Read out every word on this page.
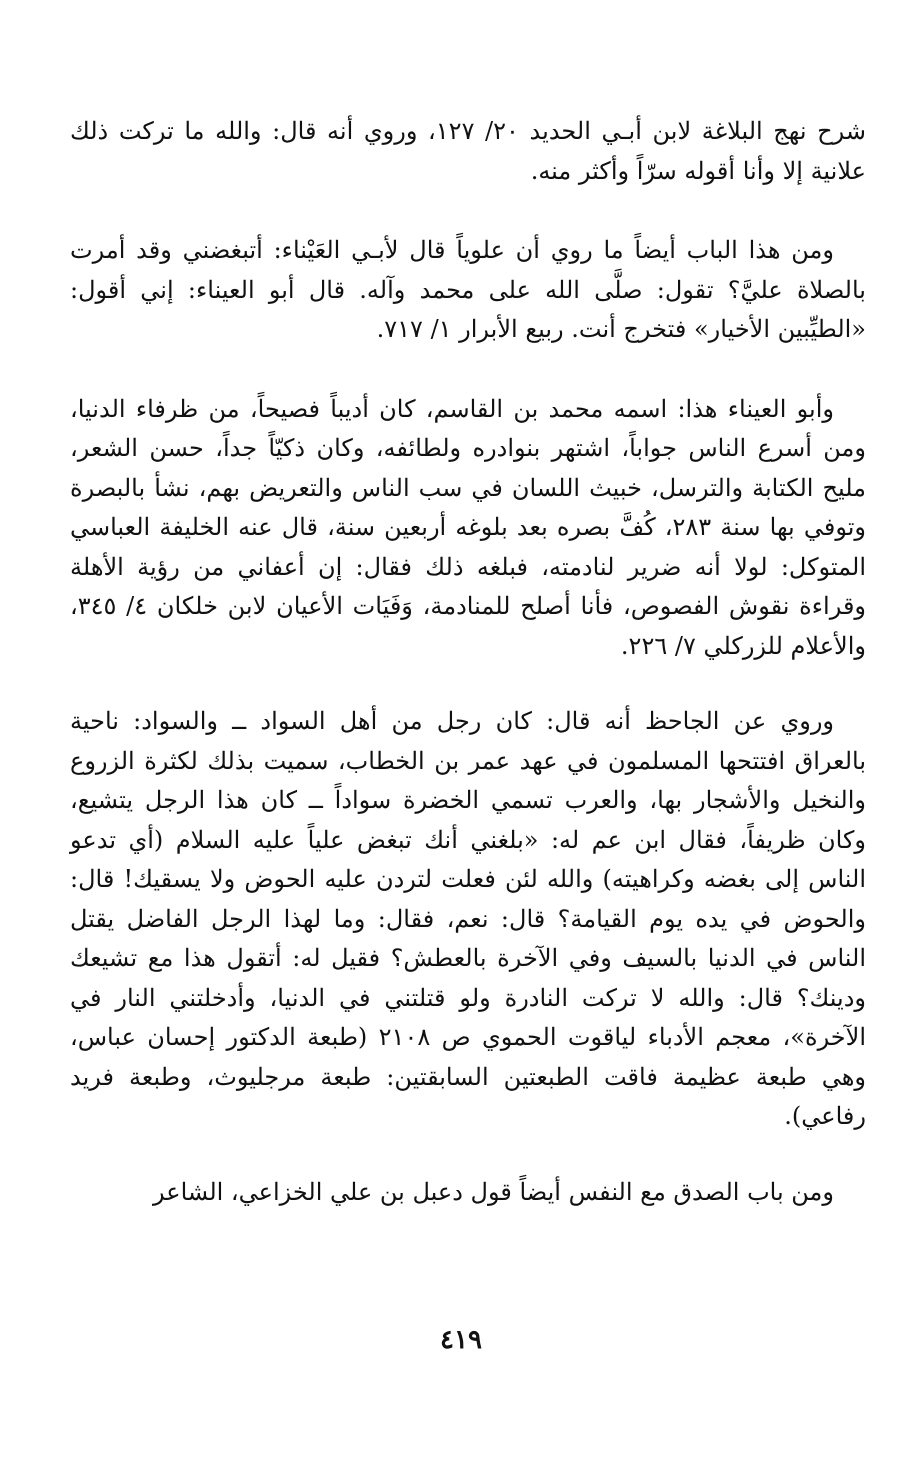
شرح نهج البلاغة لابن أبـي الحديد ٢٠/ ١٢٧، وروي أنه قال: والله ما تركت ذلك علانية إلا وأنا أقوله سرّاً وأكثر منه.

ومن هذا الباب أيضاً ما روي أن علوياً قال لأبـي العَيْناء: أتبغضني وقد أمرت بالصلاة عليَّ؟ تقول: صلَّى الله على محمد وآله. قال أبو العيناء: إني أقول: «الطيِّبين الأخيار» فتخرج أنت. ربيع الأبرار ١/ ٧١٧.

وأبو العيناء هذا: اسمه محمد بن القاسم، كان أديباً فصيحاً، من ظرفاء الدنيا، ومن أسرع الناس جواباً، اشتهر بنوادره ولطائفه، وكان ذكيّاً جداً، حسن الشعر، مليح الكتابة والترسل، خبيث اللسان في سب الناس والتعريض بهم، نشأ بالبصرة وتوفي بها سنة ٢٨٣، كُفَّ بصره بعد بلوغه أربعين سنة، قال عنه الخليفة العباسي المتوكل: لولا أنه ضرير لنادمته، فبلغه ذلك فقال: إن أعفاني من رؤية الأهلة وقراءة نقوش الفصوص، فأنا أصلح للمنادمة، وَفَيَات الأعيان لابن خلكان ٤/ ٣٤٥، والأعلام للزركلي ٧/ ٢٢٦.

وروي عن الجاحظ أنه قال: كان رجل من أهل السواد ــ والسواد: ناحية بالعراق افتتحها المسلمون في عهد عمر بن الخطاب، سميت بذلك لكثرة الزروع والنخيل والأشجار بها، والعرب تسمي الخضرة سواداً ــ كان هذا الرجل يتشيع، وكان ظريفاً، فقال ابن عم له: «بلغني أنك تبغض علياً عليه السلام (أي تدعو الناس إلى بغضه وكراهيته) والله لئن فعلت لتردن عليه الحوض ولا يسقيك! قال: والحوض في يده يوم القيامة؟ قال: نعم، فقال: وما لهذا الرجل الفاضل يقتل الناس في الدنيا بالسيف وفي الآخرة بالعطش؟ فقيل له: أتقول هذا مع تشيعك ودينك؟ قال: والله لا تركت النادرة ولو قتلتني في الدنيا، وأدخلتني النار في الآخرة»، معجم الأدباء لياقوت الحموي ص ٢١٠٨ (طبعة الدكتور إحسان عباس، وهي طبعة عظيمة فاقت الطبعتين السابقتين: طبعة مرجليوث، وطبعة فريد رفاعي).

ومن باب الصدق مع النفس أيضاً قول دعبل بن علي الخزاعي، الشاعر

٤١٩
